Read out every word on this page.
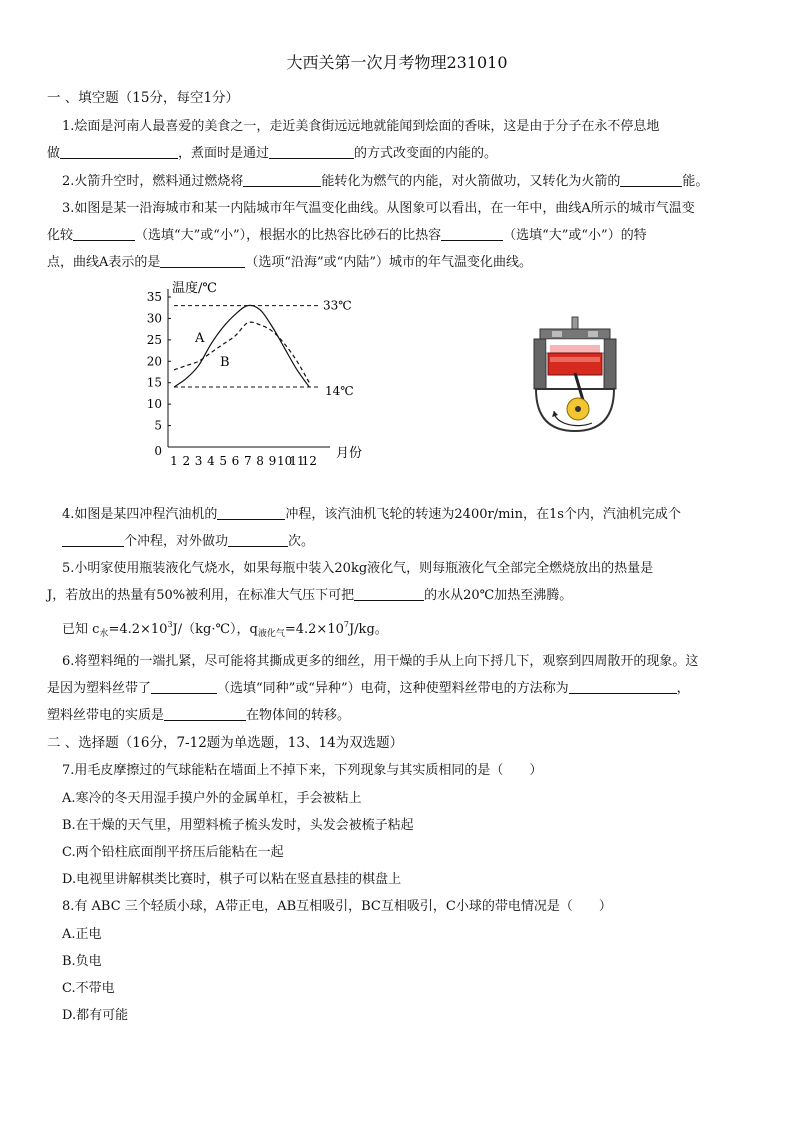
大西关第一次月考物理231010
一 、填空题（15分，每空1分）
1.烩面是河南人最喜爱的美食之一，走近美食街远远地就能闻到烩面的香味，这是由于分子在永不停息地
做	，煮面时是通过	的方式改变面的内能的。
2.火箭升空时，燃料通过燃烧将	能转化为燃气的内能，对火箭做功，又转化为火箭的	能。
3.如图是某一沿海城市和某一内陆城市年气温变化曲线。从图象可以看出，在一年中，曲线A所示的城市气温变
化较	（选填“大”或“小”），根据水的比热容比砂石的比热容	（选填“大”或“小”）的特
点，曲线A表示的是	（选项“沿海”或“内陆”）城市的年气温变化曲线。
0
5
10
15
20
25
30
35
1 2 3 4 5 6 7 8 9 10
11
12
温度/℃
月份
33℃
14℃
A
B
4.如图是某四冲程汽油机的	冲程，该汽油机飞轮的转速为2400r/min，在1s个内，汽油机完成个
个冲程，对外做功	次。
5.小明家使用瓶装液化气烧水，如果每瓶中装入20kg液化气，则每瓶液化气全部完全燃烧放出的热量是
J，若放出的热量有50%被利用，在标准大气压下可把	的水从20℃加热至沸腾。
已知 $c_水=4.2\times 10^3J/(kg\cdot℃)$，$q_{液化气}=4.2\times 10^7J/kg$。
6.将塑料绳的一端扎紧，尽可能将其撕成更多的细丝，用干燥的手从上向下捋几下，观察到四周散开的现象。这
是因为塑料丝带了	（选填“同种”或“异种”）电荷，这种使塑料丝带电的方法称为	，
塑料丝带电的实质是	在物体间的转移。
二 、选择题（16分，7-12题为单选题，13、14为双选题）
7.用毛皮摩擦过的气球能粘在墙面上不掉下来，下列现象与其实质相同的是（　　）
A.寒冷的冬天用湿手摸户外的金属单杠，手会被粘上
B.在干燥的天气里，用塑料梳子梳头发时，头发会被梳子粘起
C.两个铅柱底面削平挤压后能粘在一起
D.电视里讲解棋类比赛时，棋子可以粘在竖直悬挂的棋盘上
8.有 ABC 三个轻质小球，A带正电，AB互相吸引，BC互相吸引，C小球的带电情况是（　　）
A.正电
B.负电
C.不带电
D.都有可能
